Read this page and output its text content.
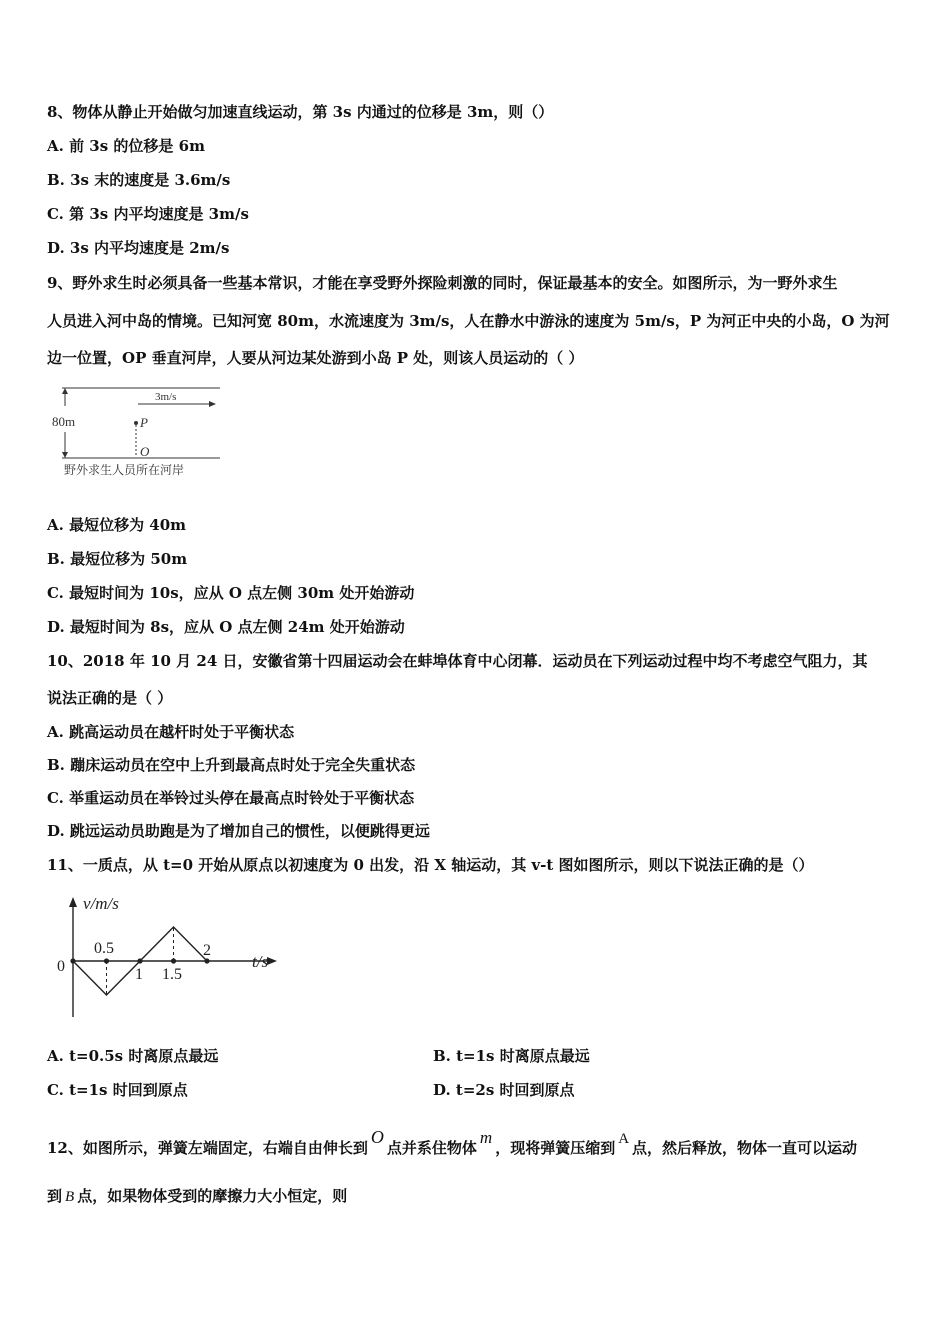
8、物体从静止开始做匀加速直线运动，第 3s 内通过的位移是 3m，则（）
A. 前 3s 的位移是 6m
B. 3s 末的速度是 3.6m/s
C. 第 3s 内平均速度是 3m/s
D. 3s 内平均速度是 2m/s
9、野外求生时必须具备一些基本常识，才能在享受野外探险刺激的同时，保证最基本的安全。如图所示，为一野外求生
人员进入河中岛的情境。已知河宽 80m，水流速度为 3m/s，人在静水中游泳的速度为 5m/s，P 为河正中央的小岛，O 为河
边一位置，OP 垂直河岸，人要从河边某处游到小岛 P 处，则该人员运动的（ ）
80m
3m/s
P
O
野外求生人员所在河岸
A. 最短位移为 40m
B. 最短位移为 50m
C. 最短时间为 10s，应从 O 点左侧 30m 处开始游动
D. 最短时间为 8s，应从 O 点左侧 24m 处开始游动
10、2018 年 10 月 24 日，安徽省第十四届运动会在蚌埠体育中心闭幕．运动员在下列运动过程中均不考虑空气阻力，其
说法正确的是（ ）
A. 跳高运动员在越杆时处于平衡状态
B. 蹦床运动员在空中上升到最高点时处于完全失重状态
C. 举重运动员在举铃过头停在最高点时铃处于平衡状态
D. 跳远运动员助跑是为了增加自己的惯性，以便跳得更远
11、一质点，从 t=0 开始从原点以初速度为 0 出发，沿 X 轴运动，其 v-t 图如图所示，则以下说法正确的是（）
v/m/s
t/s
0
0.5
1 1.5
2
A. t=0.5s 时离原点最远	B. t=1s 时离原点最远
C. t=1s 时回到原点	D. t=2s 时回到原点
12、如图所示，弹簧左端固定，右端自由伸长到O点并系住物体m，现将弹簧压缩到 A 点，然后释放，物体一直可以运动
到 B 点，如果物体受到的摩擦力大小恒定，则
